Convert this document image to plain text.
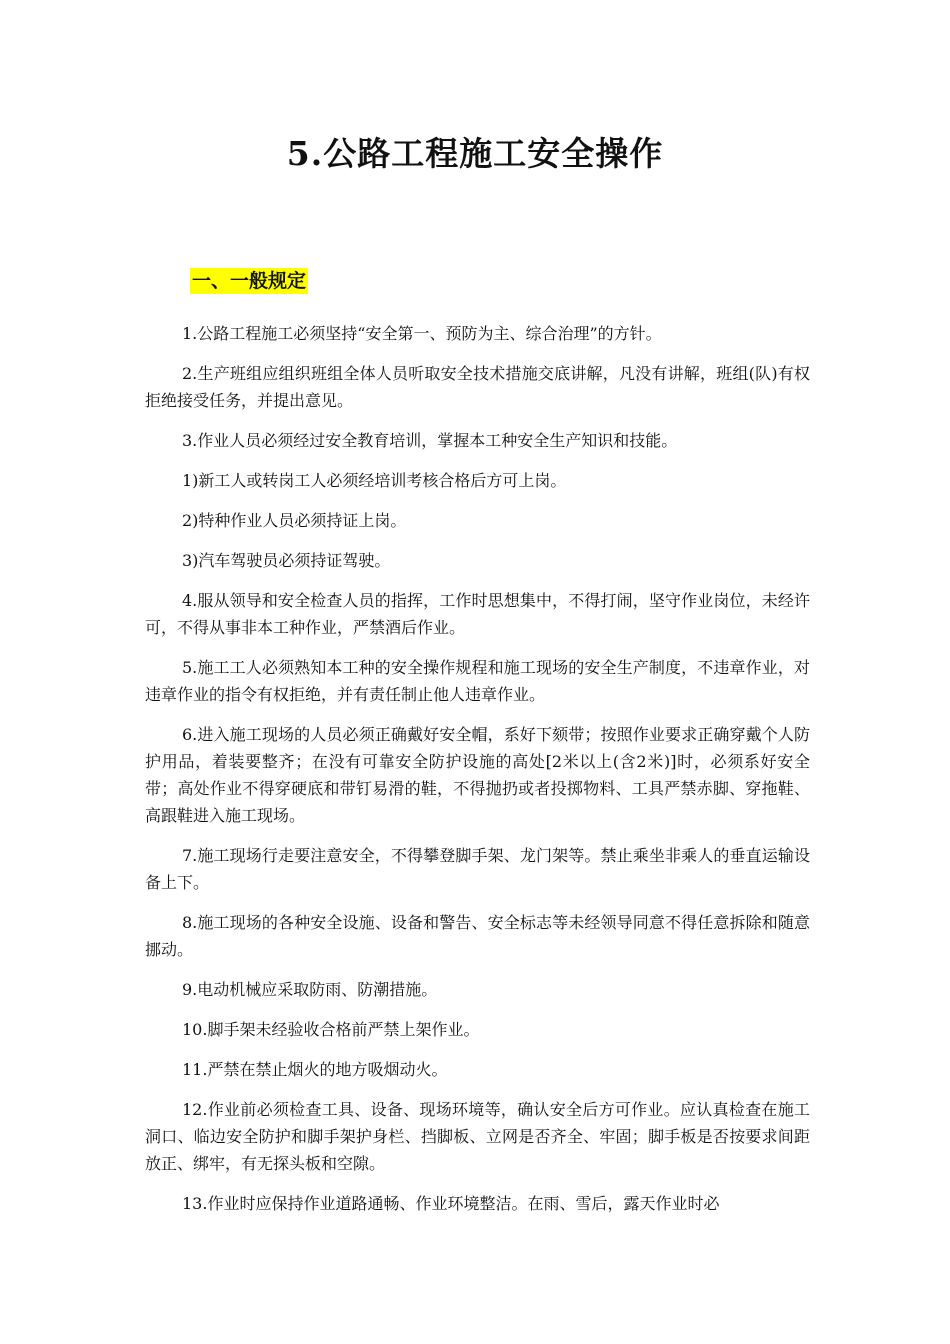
5.公路工程施工安全操作
一、一般规定

1.公路工程施工必须坚持“安全第一、预防为主、综合治理”的方针。

2.生产班组应组织班组全体人员听取安全技术措施交底讲解，凡没有讲解，班组(队)有权拒绝接受任务，并提出意见。

3.作业人员必须经过安全教育培训，掌握本工种安全生产知识和技能。

1)新工人或转岗工人必须经培训考核合格后方可上岗。

2)特种作业人员必须持证上岗。

3)汽车驾驶员必须持证驾驶。

4.服从领导和安全检查人员的指挥，工作时思想集中，不得打闹，坚守作业岗位，未经许可，不得从事非本工种作业，严禁酒后作业。

5.施工工人必须熟知本工种的安全操作规程和施工现场的安全生产制度，不违章作业，对违章作业的指令有权拒绝，并有责任制止他人违章作业。

6.进入施工现场的人员必须正确戴好安全帽，系好下颏带；按照作业要求正确穿戴个人防护用品，着装要整齐；在没有可靠安全防护设施的高处[2米以上(含2米)]时，必须系好安全带；高处作业不得穿硬底和带钉易滑的鞋，不得抛扔或者投掷物料、工具严禁赤脚、穿拖鞋、高跟鞋进入施工现场。

7.施工现场行走要注意安全，不得攀登脚手架、龙门架等。禁止乘坐非乘人的垂直运输设备上下。

8.施工现场的各种安全设施、设备和警告、安全标志等未经领导同意不得任意拆除和随意挪动。

9.电动机械应采取防雨、防潮措施。

10.脚手架未经验收合格前严禁上架作业。

11.严禁在禁止烟火的地方吸烟动火。

12.作业前必须检查工具、设备、现场环境等，确认安全后方可作业。应认真检查在施工洞口、临边安全防护和脚手架护身栏、挡脚板、立网是否齐全、牢固；脚手板是否按要求间距放正、绑牢，有无探头板和空隙。

13.作业时应保持作业道路通畅、作业环境整洁。在雨、雪后，露天作业时必
